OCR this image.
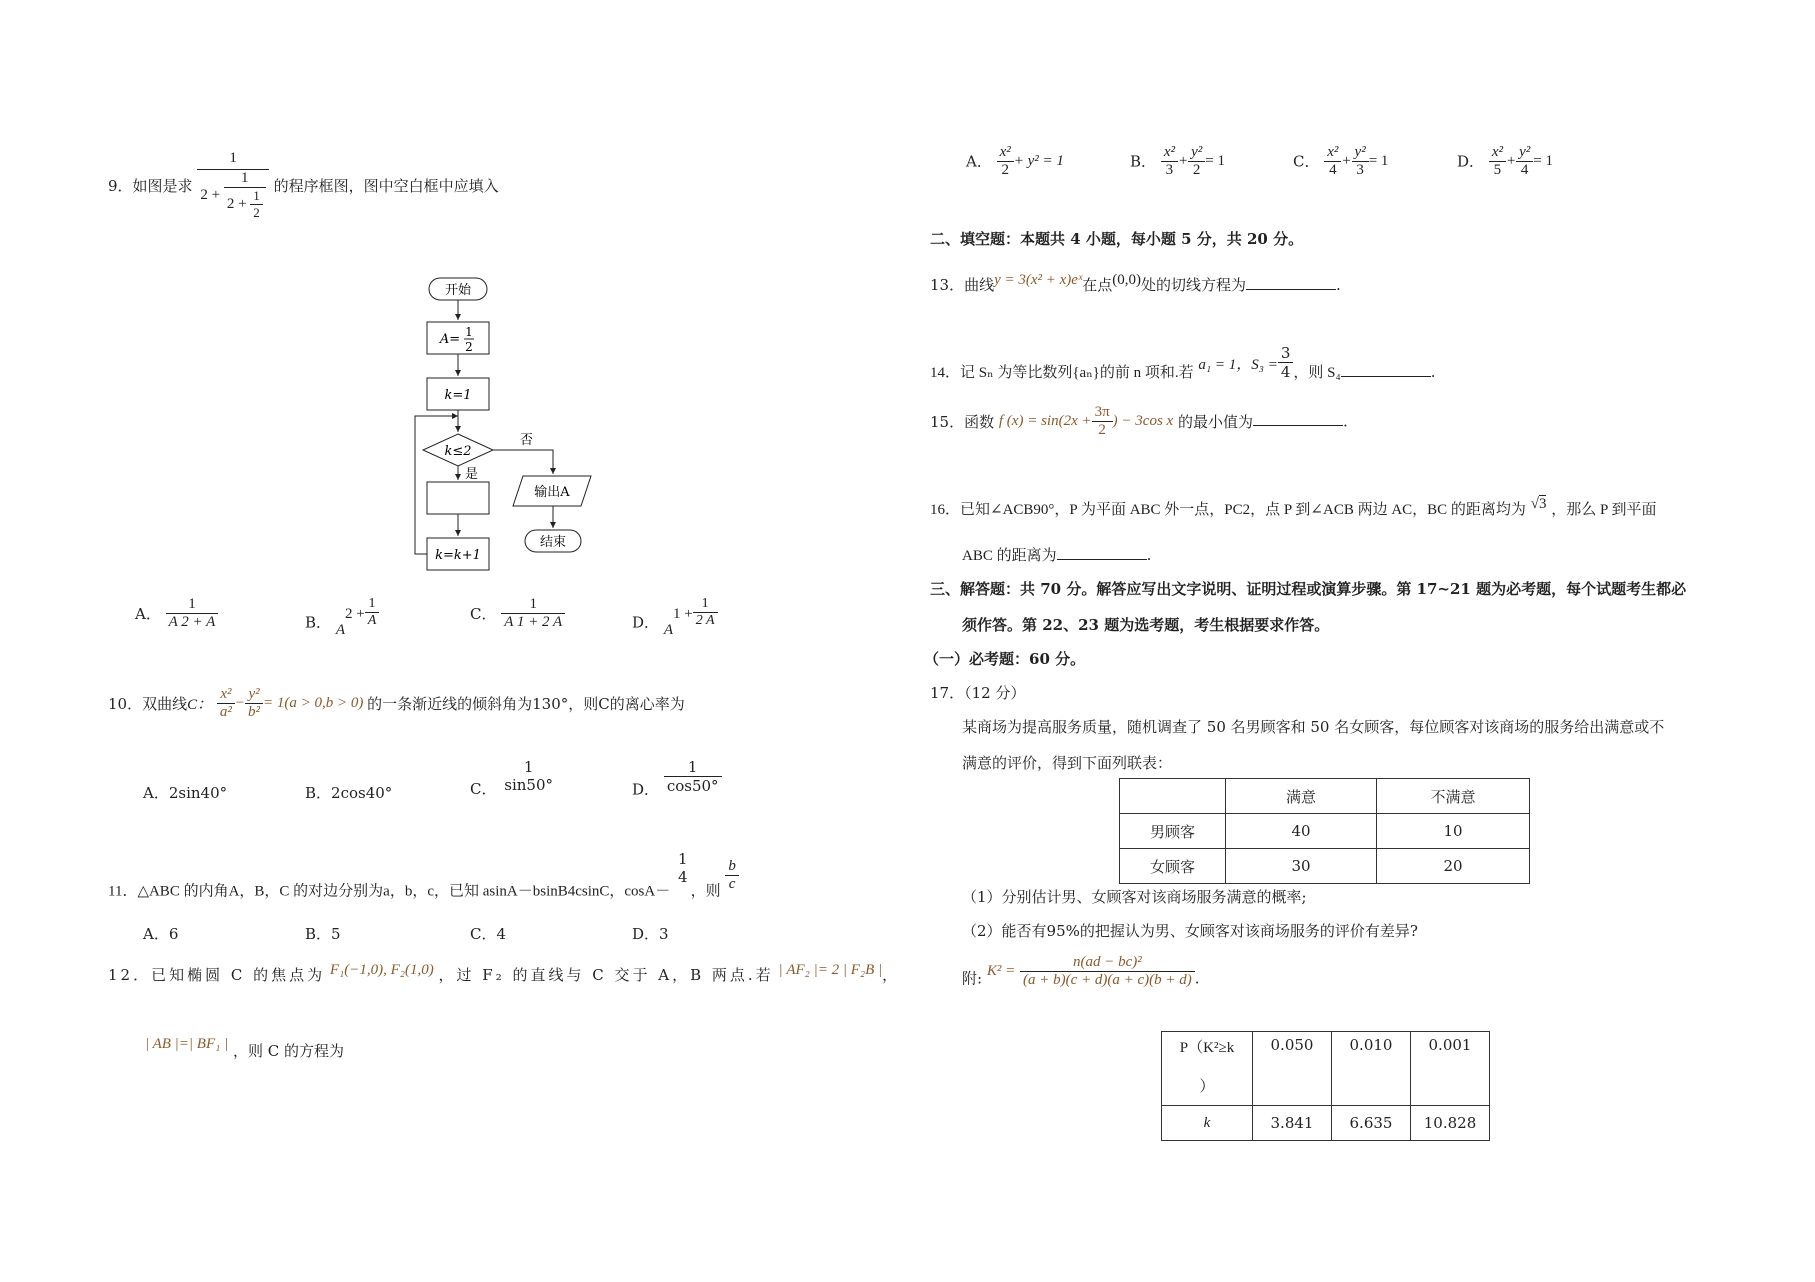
9．如图是求
1
$2 + \frac{1}{2 + \frac{1}{2}}$ 的程序框图，图中空白框中应填入
开始
A= 1
2
k=1
k≤2
否
是
k=k+1
输出A
结束
A． $\frac{1}{A 2 + A}$	B． $A2 + \frac{1}{A}$	C． $\frac{1}{A 1 + 2 A}$	D． $A1 + \frac{1}{2 A}$
10．双曲线C： $\frac{\text{x²}}{\text{a²}} - \frac{\text{y²}}{\text{b²}} = 1(a > 0,b > 0)$ 的一条渐近线的倾斜角为130°，则C的离心率为
A．2sin40°	B．2cos40°	C．
1
sin50°	D． $\frac{1}{\cos 50^\circ}$
11．△ABC 的内角A，B，C 的对边分别为a，b，c，已知 asinA－bsinB4csinC，cosA－
1
4
，则 $\frac{b}{c}$
A．6	B．5	C．4	D．3
12．已知椭圆 C 的焦点为 F₁(−1,0), F₂(1,0) ，过 F₂ 的直线与 C 交于 A，B 两点.若 | AF₂ |= 2 | F₂B |，
| AB |=| BF₁ | ，则 C 的方程为
A． $\frac{\text{x²}}{2} + y^2 = 1$	B． $\frac{\text{x²}}{3} + \frac{\text{y²}}{2} = 1$	C． $\frac{\text{x²}}{4} + \frac{\text{y²}}{3} = 1$	D． $\frac{\text{x²}}{5} + \frac{\text{y²}}{4} = 1$
二、填空题：本题共 4 小题，每小题 5 分，共 20 分。
13．曲线y = 3(x² + x)eˣ在点(0,0)处的切线方程为	.
14．记 Sₙ 为等比数列{aₙ}的前 n 项和.若 a₁ = 1，$S_3 = \frac{3}{4}$ ，则 S₄	.
15．函数 f $(x) = \sin(2x + \frac{3\pi}{2}$ ) − 3cos x 的最小值为	.
16．已知∠ACB90°，P 为平面 ABC 外一点，PC2，点 P 到∠ACB 两边 AC，BC 的距离均为 √3 ，那么 P 到平面
ABC 的距离为	.
三、解答题：共 70 分。解答应写出文字说明、证明过程或演算步骤。第 17~21 题为必考题，每个试题考生都必
须作答。第 22、23 题为选考题，考生根据要求作答。
（一）必考题：60 分。
17．（12 分）
某商场为提高服务质量，随机调查了 50 名男顾客和 50 名女顾客，每位顾客对该商场的服务给出满意或不
满意的评价，得到下面列联表：
	满意	不满意
男顾客	40	10
女顾客	30	20
（1）分别估计男、女顾客对该商场服务满意的概率;
（2）能否有95%的把握认为男、女顾客对该商场服务的评价有差异?
附: $K^2 = \frac{\text{n(ad − bc)²}}{(a + b)(c + d)(a + c)(b + d)}$ .
P（K²≥k

）	0.050	0.010	0.001
k	3.841	6.635	10.828
